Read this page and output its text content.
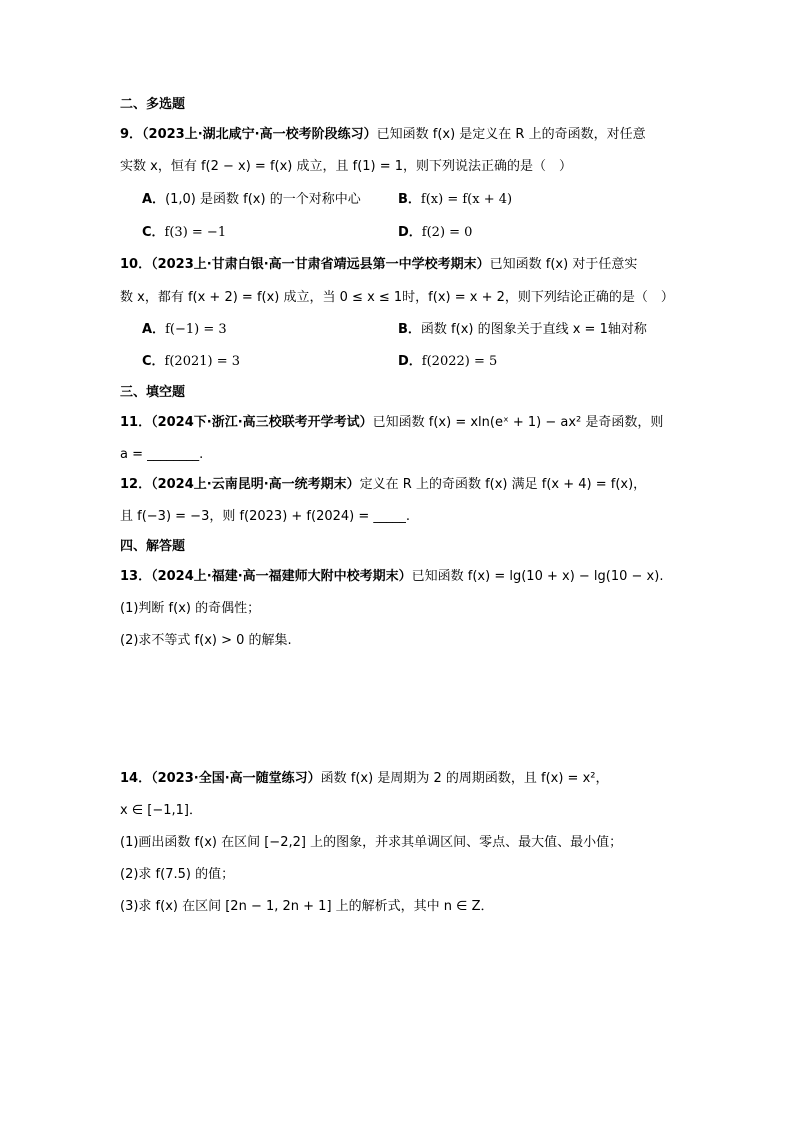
二、多选题
9．（2023上·湖北咸宁·高一校考阶段练习）已知函数 f(x) 是定义在 R 上的奇函数，对任意
实数 x，恒有 f(2 − x) = f(x) 成立，且 f(1) = 1，则下列说法正确的是（　）
A．(1,0) 是函数 f(x) 的一个对称中心	B．f(x) = f(x + 4)
C．f(3) = −1	D．f(2) = 0
10．（2023上·甘肃白银·高一甘肃省靖远县第一中学校考期末）已知函数 f(x) 对于任意实
数 x，都有 f(x + 2) = f(x) 成立，当 0 ≤ x ≤ 1时，f(x) = x + 2，则下列结论正确的是（　）
A．f(−1) = 3	B．函数 f(x) 的图象关于直线 x = 1轴对称
C．f(2021) = 3	D．f(2022) = 5
三、填空题
11．（2024下·浙江·高三校联考开学考试）已知函数 f(x) = xln(eˣ + 1) − ax² 是奇函数，则
a = ________.
12．（2024上·云南昆明·高一统考期末）定义在 R 上的奇函数 f(x) 满足 f(x + 4) = f(x)，
且 f(−3) = −3，则 f(2023) + f(2024) = _____.
四、解答题
13．（2024上·福建·高一福建师大附中校考期末）已知函数 f(x) = lg(10 + x) − lg(10 − x).
(1)判断 f(x) 的奇偶性；
(2)求不等式 f(x) > 0 的解集.
14．（2023·全国·高一随堂练习）函数 f(x) 是周期为 2 的周期函数，且 f(x) = x²，
x ∈ [−1,1]．
(1)画出函数 f(x) 在区间 [−2,2] 上的图象，并求其单调区间、零点、最大值、最小值；
(2)求 f(7.5) 的值；
(3)求 f(x) 在区间 [2n − 1, 2n + 1] 上的解析式，其中 n ∈ Z．
